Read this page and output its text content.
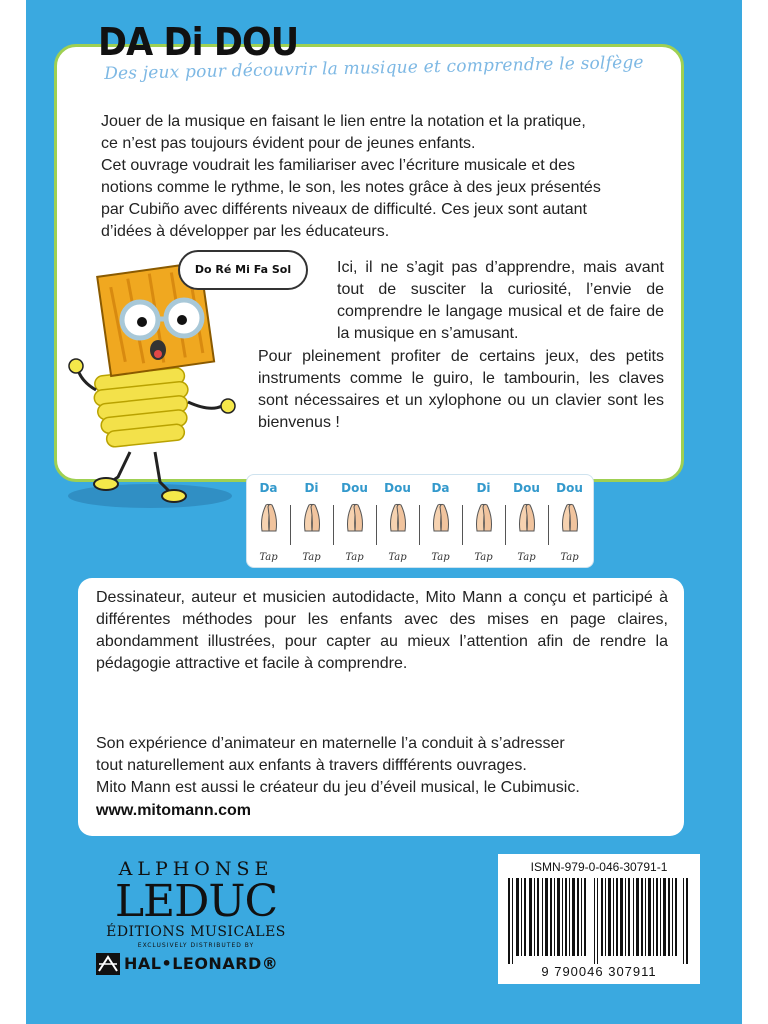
DA Di DOU
Des jeux pour découvrir la musique et comprendre le solfège
Jouer de la musique en faisant le lien entre la notation et la pratique,
ce n’est pas toujours évident pour de jeunes enfants.
Cet ouvrage voudrait les familiariser avec l’écriture musicale et des
notions comme le rythme, le son, les notes grâce à des jeux présentés
par Cubiño avec différents niveaux de difficulté. Ces jeux sont autant
d’idées à développer par les éducateurs.
Do Ré Mi Fa Sol	Ici, il ne s’agit pas d’apprendre, mais avant tout de susciter la curiosité, l’envie de comprendre le langage musical et de faire de la musique en s’amusant.
Pour pleinement profiter de certains jeux, des petits instruments comme le guiro, le tambourin, les claves sont nécessaires et un xylophone ou un clavier sont les bienvenus !
Da
Tap
Di
Tap
Dou
Tap
Dou
Tap
Da
Tap
Di
Tap
Dou
Tap
Dou
Tap
Dessinateur, auteur et musicien autodidacte, Mito Mann a conçu et participé à différentes méthodes pour les enfants avec des mises en page claires, abondamment illustrées, pour capter au mieux l’attention afin de rendre la pédagogie attractive et facile à comprendre.
Son expérience d’animateur en maternelle l’a conduit à s’adresser
tout naturellement aux enfants à travers diffférents ouvrages.
Mito Mann est aussi le créateur du jeu d’éveil musical, le Cubimusic.
www.mitomann.com
ALPHONSE
LEDUC
ÉDITIONS MUSICALES
EXCLUSIVELY DISTRIBUTED BY
HAL•LEONARD®
ISMN-979-0-046-30791-1
9 790046 307911
